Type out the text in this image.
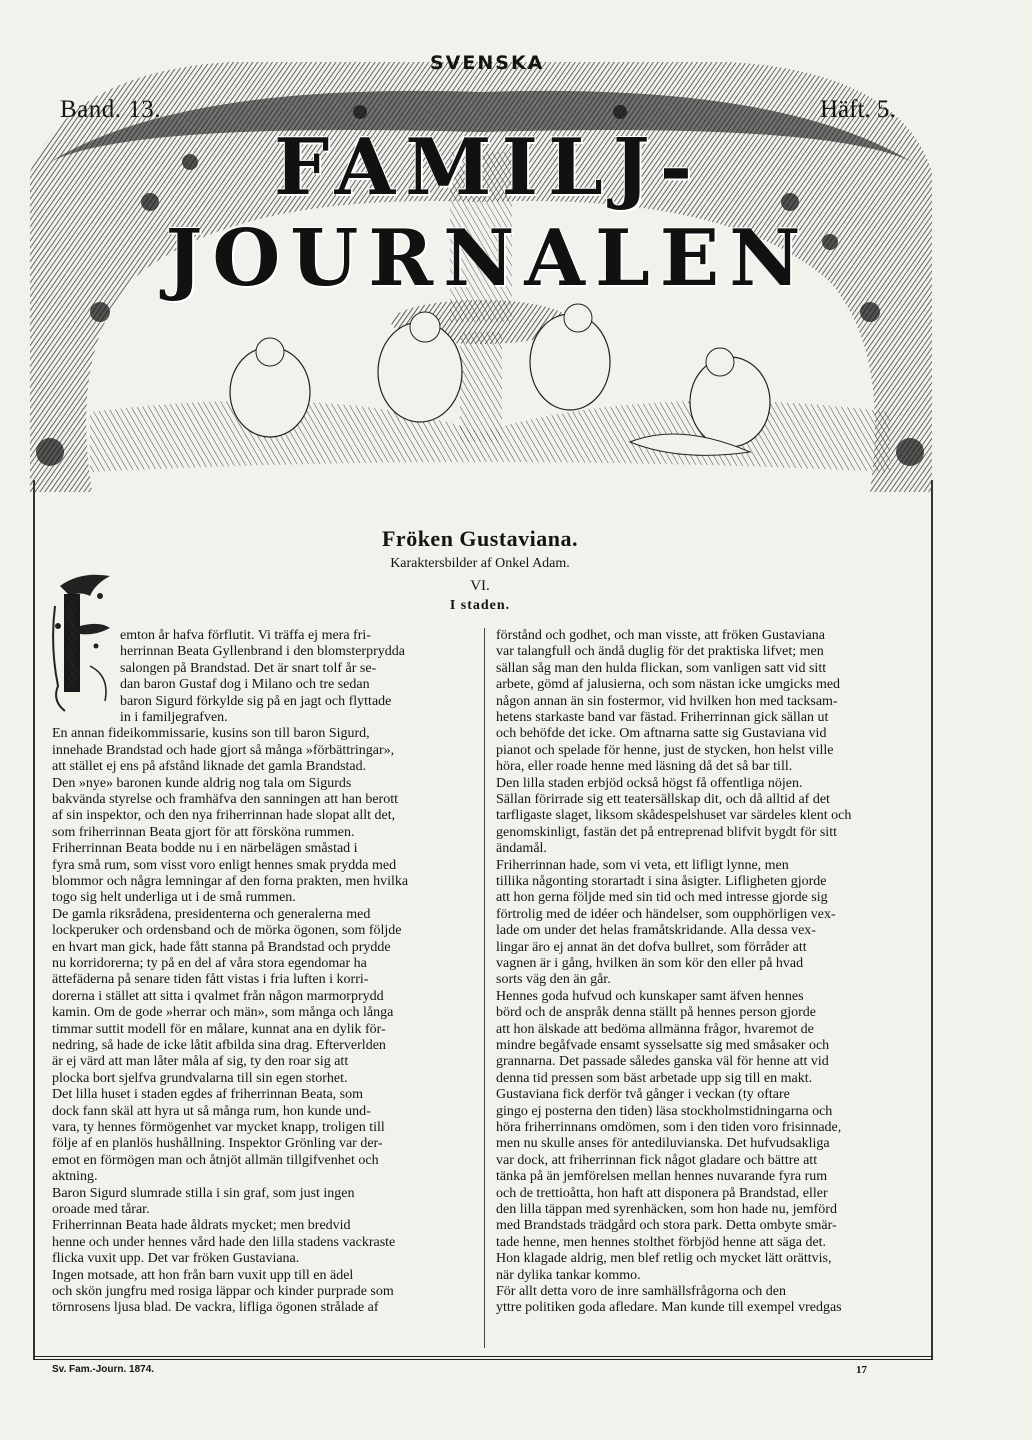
SVENSKA
Band. 13.	Häft. 5.
FAMILJ-JOURNALEN
Fröken Gustaviana.
Karaktersbilder af Onkel Adam.
VI.
I staden.
emton år hafva förflutit. Vi träffa ej mera fri-
herrinnan Beata Gyllenbrand i den blomsterprydda
salongen på Brandstad. Det är snart tolf år se-
dan baron Gustaf dog i Milano och tre sedan
baron Sigurd förkylde sig på en jagt och flyttade
in i familjegrafven.
En annan fideikommissarie, kusins son till baron Sigurd,
innehade Brandstad och hade gjort så många »förbättringar»,
att stället ej ens på afstånd liknade det gamla Brandstad.
Den »nye» baronen kunde aldrig nog tala om Sigurds
bakvända styrelse och framhäfva den sanningen att han berott
af sin inspektor, och den nya friherrinnan hade slopat allt det,
som friherrinnan Beata gjort för att försköna rummen.
Friherrinnan Beata bodde nu i en närbelägen småstad i
fyra små rum, som visst voro enligt hennes smak prydda med
blommor och några lemningar af den forna prakten, men hvilka
togo sig helt underliga ut i de små rummen.
De gamla riksrådena, presidenterna och generalerna med
lockperuker och ordensband och de mörka ögonen, som följde
en hvart man gick, hade fått stanna på Brandstad och prydde
nu korridorerna; ty på en del af våra stora egendomar ha
ättefäderna på senare tiden fått vistas i fria luften i korri-
dorerna i stället att sitta i qvalmet från någon marmorprydd
kamin. Om de gode »herrar och män», som många och långa
timmar suttit modell för en målare, kunnat ana en dylik för-
nedring, så hade de icke låtit afbilda sina drag. Efterverlden
är ej värd att man låter måla af sig, ty den roar sig att
plocka bort sjelfva grundvalarna till sin egen storhet.
Det lilla huset i staden egdes af friherrinnan Beata, som
dock fann skäl att hyra ut så många rum, hon kunde und-
vara, ty hennes förmögenhet var mycket knapp, troligen till
följe af en planlös hushållning. Inspektor Grönling var der-
emot en förmögen man och åtnjöt allmän tillgifvenhet och
aktning.
Baron Sigurd slumrade stilla i sin graf, som just ingen
oroade med tårar.
Friherrinnan Beata hade åldrats mycket; men bredvid
henne och under hennes vård hade den lilla stadens vackraste
flicka vuxit upp. Det var fröken Gustaviana.
Ingen motsade, att hon från barn vuxit upp till en ädel
och skön jungfru med rosiga läppar och kinder purprade som
törnrosens ljusa blad. De vackra, lifliga ögonen strålade af
förstånd och godhet, och man visste, att fröken Gustaviana
var talangfull och ändå duglig för det praktiska lifvet; men
sällan såg man den hulda flickan, som vanligen satt vid sitt
arbete, gömd af jalusierna, och som nästan icke umgicks med
någon annan än sin fostermor, vid hvilken hon med tacksam-
hetens starkaste band var fästad. Friherrinnan gick sällan ut
och behöfde det icke. Om aftnarna satte sig Gustaviana vid
pianot och spelade för henne, just de stycken, hon helst ville
höra, eller roade henne med läsning då det så bar till.
Den lilla staden erbjöd också högst få offentliga nöjen.
Sällan förirrade sig ett teatersällskap dit, och då alltid af det
tarfligaste slaget, liksom skådespelshuset var särdeles klent och
genomskinligt, fastän det på entreprenad blifvit bygdt för sitt
ändamål.
Friherrinnan hade, som vi veta, ett lifligt lynne, men
tillika någonting storartadt i sina åsigter. Lifligheten gjorde
att hon gerna följde med sin tid och med intresse gjorde sig
förtrolig med de idéer och händelser, som oupphörligen vex-
lade om under det helas framåtskridande. Alla dessa vex-
lingar äro ej annat än det dofva bullret, som förråder att
vagnen är i gång, hvilken än som kör den eller på hvad
sorts väg den än går.
Hennes goda hufvud och kunskaper samt äfven hennes
börd och de anspråk denna ställt på hennes person gjorde
att hon älskade att bedöma allmänna frågor, hvaremot de
mindre begåfvade ensamt sysselsatte sig med småsaker och
grannarna. Det passade således ganska väl för henne att vid
denna tid pressen som bäst arbetade upp sig till en makt.
Gustaviana fick derför två gånger i veckan (ty oftare
gingo ej posterna den tiden) läsa stockholmstidningarna och
höra friherrinnans omdömen, som i den tiden voro frisinnade,
men nu skulle anses för antediluvianska. Det hufvudsakliga
var dock, att friherrinnan fick något gladare och bättre att
tänka på än jemförelsen mellan hennes nuvarande fyra rum
och de trettioåtta, hon haft att disponera på Brandstad, eller
den lilla täppan med syrenhäcken, som hon hade nu, jemförd
med Brandstads trädgård och stora park. Detta ombyte smär-
tade henne, men hennes stolthet förbjöd henne att säga det.
Hon klagade aldrig, men blef retlig och mycket lätt orättvis,
när dylika tankar kommo.
För allt detta voro de inre samhällsfrågorna och den
yttre politiken goda afledare. Man kunde till exempel vredgas
Sv. Fam.-Journ. 1874.	17
